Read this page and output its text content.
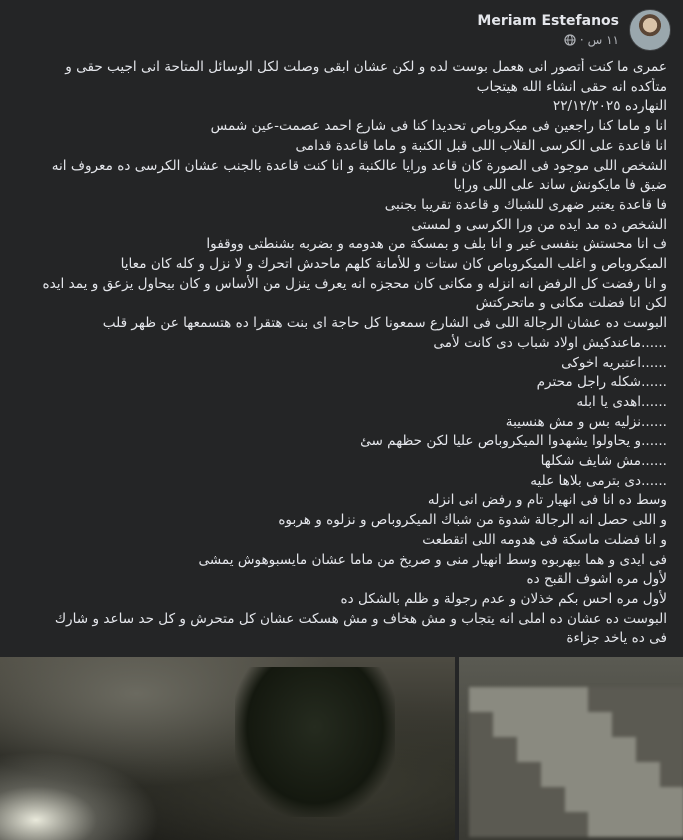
Meriam Estefanos
١١ س
·
عمرى ما كنت أتصور انى هعمل بوست لده و لكن عشان ابقى وصلت لكل الوسائل المتاحة انى اجيب حقى و
متأكده انه حقى انشاء الله هيتجاب
النهارده ٢٢/١٢/٢٠٢٥
انا و ماما كنا راجعين فى ميكروباص تحديدا كنا فى شارع احمد عصمت-عين شمس
انا قاعدة على الكرسى القلاب اللى قبل الكنبة و ماما قاعدة قدامى
الشخص اللى موجود فى الصورة كان قاعد ورايا عالكنبة و انا كنت قاعدة بالجنب عشان الكرسى ده معروف انه
ضيق فا مايكونش ساند على اللى ورايا
فا قاعدة يعتبر ضهرى للشباك و قاعدة تقريبا بجنبى
الشخص ده مد ايده من ورا الكرسى و لمستى
ف انا محستش بنفسى غير و انا بلف و بمسكة من هدومه و بضربه بشنطتى ووقفوا
الميكروباص و اغلب الميكروباص كان ستات و للأمانة كلهم ماحدش اتحرك و لا نزل و كله كان معايا
و انا رفضت كل الرفض انه انزله و مكانى كان محجزه انه يعرف ينزل من الأساس و كان بيحاول يزعق و يمد ايده
لكن انا فضلت مكانى و ماتحركتش
البوست ده عشان الرجالة اللى فى الشارع سمعونا كل حاجة اى بنت هتقرا ده هتسمعها عن ظهر قلب
......ماعندكيش اولاد شباب دى كانت لأمى
......اعتبريه اخوكى
......شكله راجل محترم
......اهدى يا ابله
......نزليه بس و مش هنسيبة
......و يحاولوا يشهدوا الميكروباص عليا لكن حظهم سئ
......مش شايف شكلها
......دى بترمى بلاها عليه
وسط ده انا فى انهيار تام و رفض انى انزله
و اللى حصل انه الرجالة شدوة من شباك الميكروباص و نزلوه و هربوه
و انا فضلت ماسكة فى هدومه اللى اتقطعت
فى ايدى و هما بيهربوه وسط انهيار منى و صريخ من ماما عشان مايسبوهوش يمشى
لأول مره اشوف القبح ده
لأول مره احس بكم خذلان و عدم رجولة و ظلم بالشكل ده
البوست ده عشان ده املى انه يتجاب و مش هخاف و مش هسكت عشان كل متحرش و كل حد ساعد و شارك
فى ده ياخد جزاءة
